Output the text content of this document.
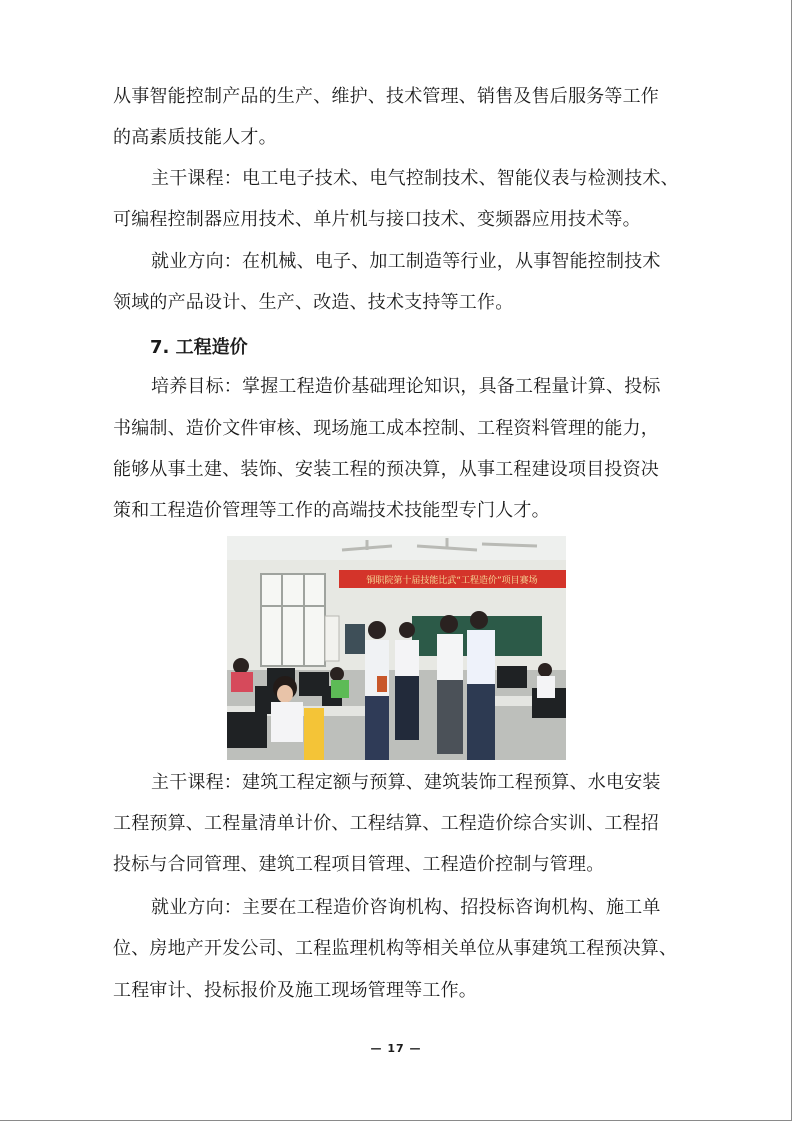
从事智能控制产品的生产、维护、技术管理、销售及售后服务等工作
的高素质技能人才。
主干课程：电工电子技术、电气控制技术、智能仪表与检测技术、
可编程控制器应用技术、单片机与接口技术、变频器应用技术等。
就业方向：在机械、电子、加工制造等行业，从事智能控制技术
领域的产品设计、生产、改造、技术支持等工作。
7. 工程造价
培养目标：掌握工程造价基础理论知识，具备工程量计算、投标
书编制、造价文件审核、现场施工成本控制、工程资料管理的能力，
能够从事土建、装饰、安装工程的预决算，从事工程建设项目投资决
策和工程造价管理等工作的高端技术技能型专门人才。
铜职院第十届技能比武“工程造价”项目赛场
主干课程：建筑工程定额与预算、建筑装饰工程预算、水电安装
工程预算、工程量清单计价、工程结算、工程造价综合实训、工程招
投标与合同管理、建筑工程项目管理、工程造价控制与管理。
就业方向：主要在工程造价咨询机构、招投标咨询机构、施工单
位、房地产开发公司、工程监理机构等相关单位从事建筑工程预决算、
工程审计、投标报价及施工现场管理等工作。
— 17 —
